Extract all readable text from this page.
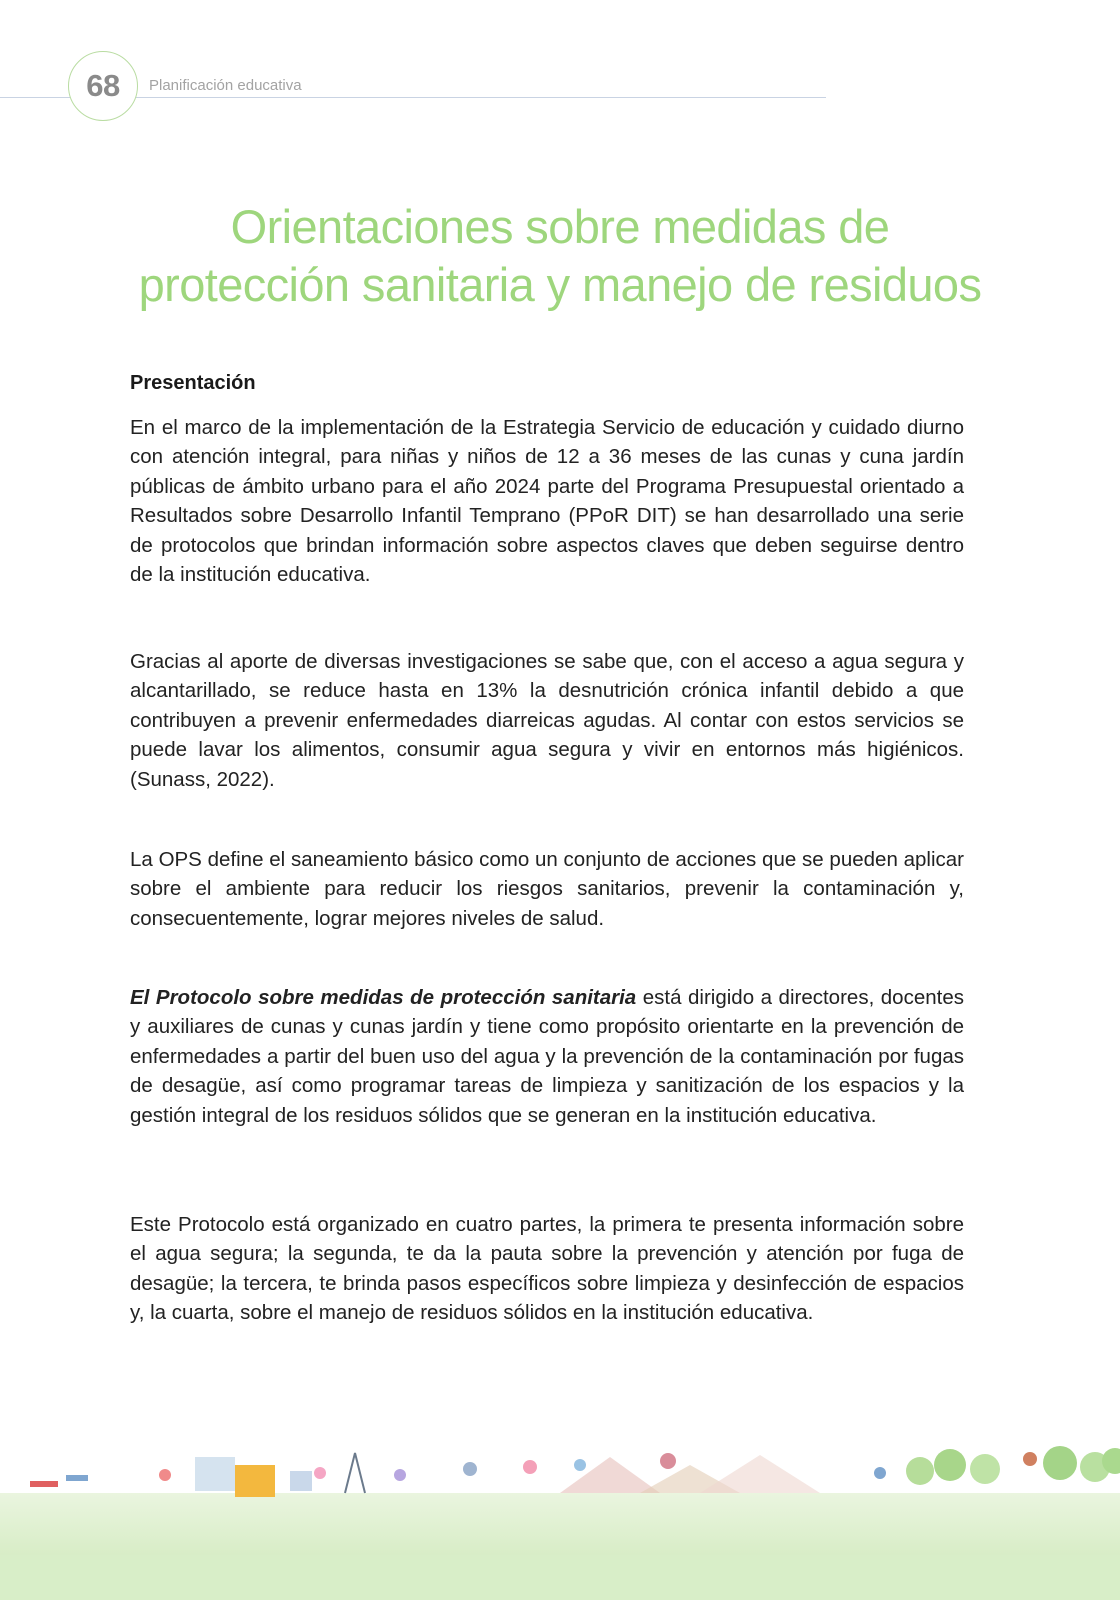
68 Planificación educativa
Orientaciones sobre medidas de
protección sanitaria y manejo de residuos
Presentación

En el marco de la implementación de la Estrategia Servicio de educación y cuidado diurno con atención integral, para niñas y niños de 12 a 36 meses de las cunas y cuna jardín públicas de ámbito urbano para el año 2024 parte del Programa Presupuestal orientado a Resultados sobre Desarrollo Infantil Temprano (PPoR DIT) se han desarrollado una serie de protocolos que brindan información sobre aspectos claves que deben seguirse dentro de la institución educativa.

Gracias al aporte de diversas investigaciones se sabe que, con el acceso a agua segura y alcantarillado, se reduce hasta en 13% la desnutrición crónica infantil debido a que contribuyen a prevenir enfermedades diarreicas agudas. Al contar con estos servicios se puede lavar los alimentos, consumir agua segura y vivir en entornos más higiénicos. (Sunass, 2022).

La OPS define el saneamiento básico como un conjunto de acciones que se pueden aplicar sobre el ambiente para reducir los riesgos sanitarios, prevenir la contaminación y, consecuentemente, lograr mejores niveles de salud.

El Protocolo sobre medidas de protección sanitaria está dirigido a directores, docentes y auxiliares de cunas y cunas jardín y tiene como propósito orientarte en la prevención de enfermedades a partir del buen uso del agua y la prevención de la contaminación por fugas de desagüe, así como programar tareas de limpieza y sanitización de los espacios y la gestión integral de los residuos sólidos que se generan en la institución educativa.

Este Protocolo está organizado en cuatro partes, la primera te presenta información sobre el agua segura; la segunda, te da la pauta sobre la prevención y atención por fuga de desagüe; la tercera, te brinda pasos específicos sobre limpieza y desinfección de espacios y, la cuarta, sobre el manejo de residuos sólidos en la institución educativa.
